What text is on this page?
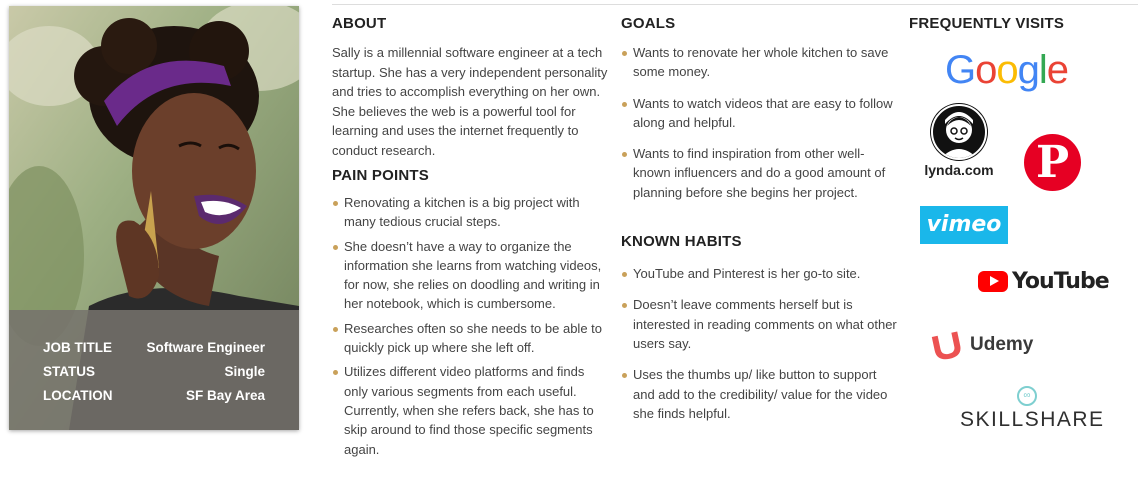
JOB TITLE	Software Engineer
STATUS	Single
LOCATION	SF Bay Area
ABOUT

Sally is a millennial software engineer at a tech startup. She has a very independent personality and tries to accomplish everything on her own. She believes the web is a powerful tool for learning and uses the internet frequently to conduct research.

PAIN POINTS
Renovating a kitchen is a big project with many tedious crucial steps.
She doesn’t have a way to organize the information she learns from watching videos, for now, she relies on doodling and writing in her notebook, which is cumbersome.
Researches often so she needs to be able to quickly pick up where she left off.
Utilizes different video platforms and finds only various segments from each useful. Currently, when she refers back, she has to skip around to find those specific segments again.
GOALS
Wants to renovate her whole kitchen to save some money.
Wants to watch videos that are easy to follow along and helpful.
Wants to find inspiration from other well-known influencers and do a good amount of planning before she begins her project.
KNOWN HABITS
YouTube and Pinterest is her go-to site.
Doesn’t leave comments herself but is interested in reading comments on what other users say.
Uses the thumbs up/ like button to support and add to the credibility/ value for the video she finds helpful.
FREQUENTLY VISITS
Google
lynda.com P
vimeo
YouTube
Udemy
∞
SKILLSHARE
